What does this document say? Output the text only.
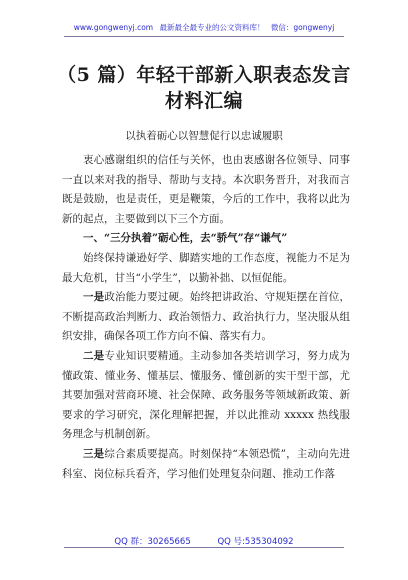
www.gongwenyj.com 最新最全最专业的公文资料库！ 微信：gongwenyj
（5 篇）年轻干部新入职表态发言材料汇编
以执着砺心以智慧促行以忠诚履职

衷心感谢组织的信任与关怀，也由衷感谢各位领导、同事一直以来对我的指导、帮助与支持。本次职务晋升，对我而言既是鼓励，也是责任，更是鞭策，今后的工作中，我将以此为新的起点，主要做到以下三个方面。

一、“三分执着”砺心性，去“骄气”存“谦气”

始终保持谦逊好学、脚踏实地的工作态度，视能力不足为最大危机，甘当“小学生”，以勤补拙、以恒促能。

一是政治能力要过硬。始终把讲政治、守规矩摆在首位，不断提高政治判断力、政治领悟力、政治执行力，坚决服从组织安排，确保各项工作方向不偏、落实有力。

二是专业知识要精通。主动参加各类培训学习，努力成为懂政策、懂业务、懂基层、懂服务、懂创新的实干型干部，尤其要加强对营商环境、社会保障、政务服务等领域新政策、新要求的学习研究，深化理解把握，并以此推动 xxxxx 热线服务理念与机制创新。

三是综合素质要提高。时刻保持“本领恐慌”，主动向先进科室、岗位标兵看齐，学习他们处理复杂问题、推动工作落

QQ 群：30265665	QQ 号:535304092
